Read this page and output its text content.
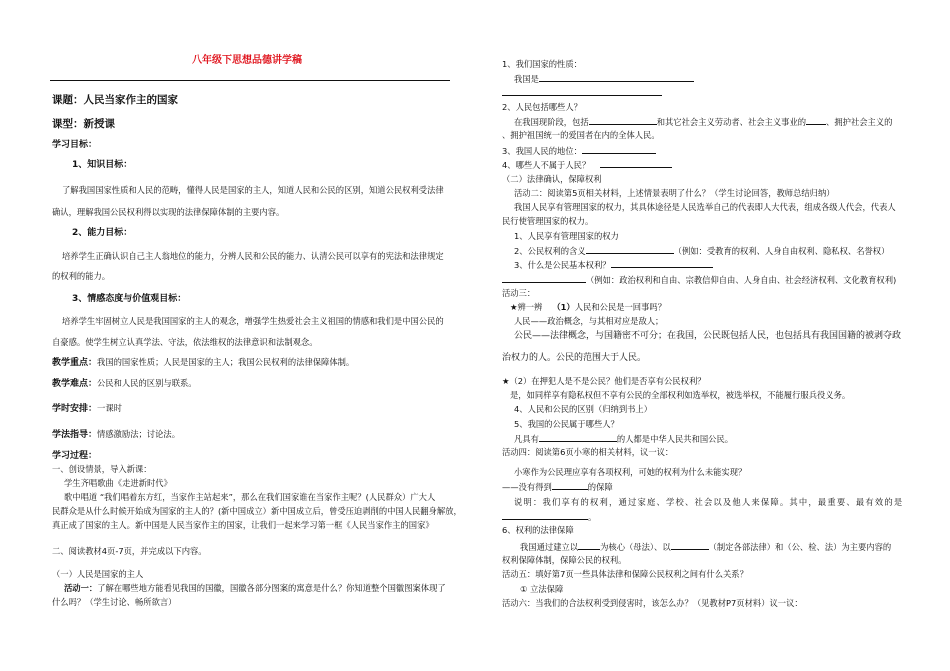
八年级下思想品德讲学稿
课题：人民当家作主的国家
课型：新授课
学习目标：
1、知识目标：
了解我国国家性质和人民的范畴，懂得人民是国家的主人，知道人民和公民的区别，知道公民权利受法律
确认，理解我国公民权利得以实现的法律保障体制的主要内容。
2、能力目标：
培养学生正确认识自己主人翁地位的能力，分辨人民和公民的能力、认清公民可以享有的宪法和法律规定
的权利的能力。
3、情感态度与价值观目标：
培养学生牢固树立人民是我国国家的主人的观念，增强学生热爱社会主义祖国的情感和我们是中国公民的
自豪感。使学生树立认真学法、守法，依法维权的法律意识和法制观念。
教学重点：我国的国家性质；人民是国家的主人；我国公民权利的法律保障体制。
教学难点：公民和人民的区别与联系。
学时安排：一课时
学法指导：情感激励法；讨论法。
学习过程：
一、创设情景，导入新课：
学生齐唱歌曲《走进新时代》
歌中唱道 “我们唱着东方红，当家作主站起来”，那么在我们国家谁在当家作主呢？(人民群众）广大人
民群众是从什么时候开始成为国家的主人的？(新中国成立）新中国成立后，曾受压迫剥削的中国人民翻身解放，
真正成了国家的主人。新中国是人民当家作主的国家，让我们一起来学习第一框《人民当家作主的国家》
二、阅读教材4页-7页，并完成以下内容。
（一）人民是国家的主人
活动一：了解在哪些地方能看见我国的国徽，国徽各部分图案的寓意是什么？你知道整个国徽图案体现了
什么吗？（学生讨论、畅所欲言）
1、我们国家的性质：
我国是
2、人民包括哪些人？
在我国现阶段，包括	和其它社会主义劳动者、社会主义事业的 、拥护社会主义的
、拥护祖国统一的爱国者在内的全体人民。
3、我国人民的地位：
4、哪些人不属于人民？
（二）法律确认，保障权利
活动二：阅读第5页相关材料，上述情景表明了什么？（学生讨论回答，教师总结归纳）
我国人民享有管理国家的权力，其具体途径是人民选举自己的代表即人大代表，组成各级人代会，代表人
民行使管理国家的权力。
1、人民享有管理国家的权力
2、公民权利的含义	（例如：受教育的权利、人身自由权利、隐私权、名誉权）
3、什么是公民基本权利？
（例如：政治权利和自由、宗教信仰自由、人身自由、社会经济权利、文化教育权利)
活动三：
★辨一辨 （1）人民和公民是一回事吗？
人民——政治概念，与其相对应是敌人；
公民——法律概念，与国籍密不可分；在我国，公民既包括人民，也包括具有我国国籍的被剥夺政
治权力的人。公民的范围大于人民。
★（2）在押犯人是不是公民？他们是否享有公民权利？
是，如同样享有隐私权但不享有公民的全部权利如选举权，被选举权，不能履行服兵役义务。
4、人民和公民的区别（归纳到书上）
5、我国的公民属于哪些人？
凡具有	的人都是中华人民共和国公民。
活动四：阅读第6页小寒的相关材料，议一议：
小寒作为公民理应享有各项权利，可她的权利为什么未能实现？
——没有得到	的保障
说明：我们享有的权利，通过家庭、学校、社会以及他人来保障。其中，最重要、最有效的是
。
6、权利的法律保障
我国通过建立以	为核心（母法）、以	（制定各部法律）和（公、检、法）为主要内容的
权利保障体制，保障公民的权利。
活动五：填好第7页一些具体法律和保障公民权利之间有什么关系？
① 立法保障
活动六：当我们的合法权利受到侵害时，该怎么办？（见教材P7页材料）议一议：
